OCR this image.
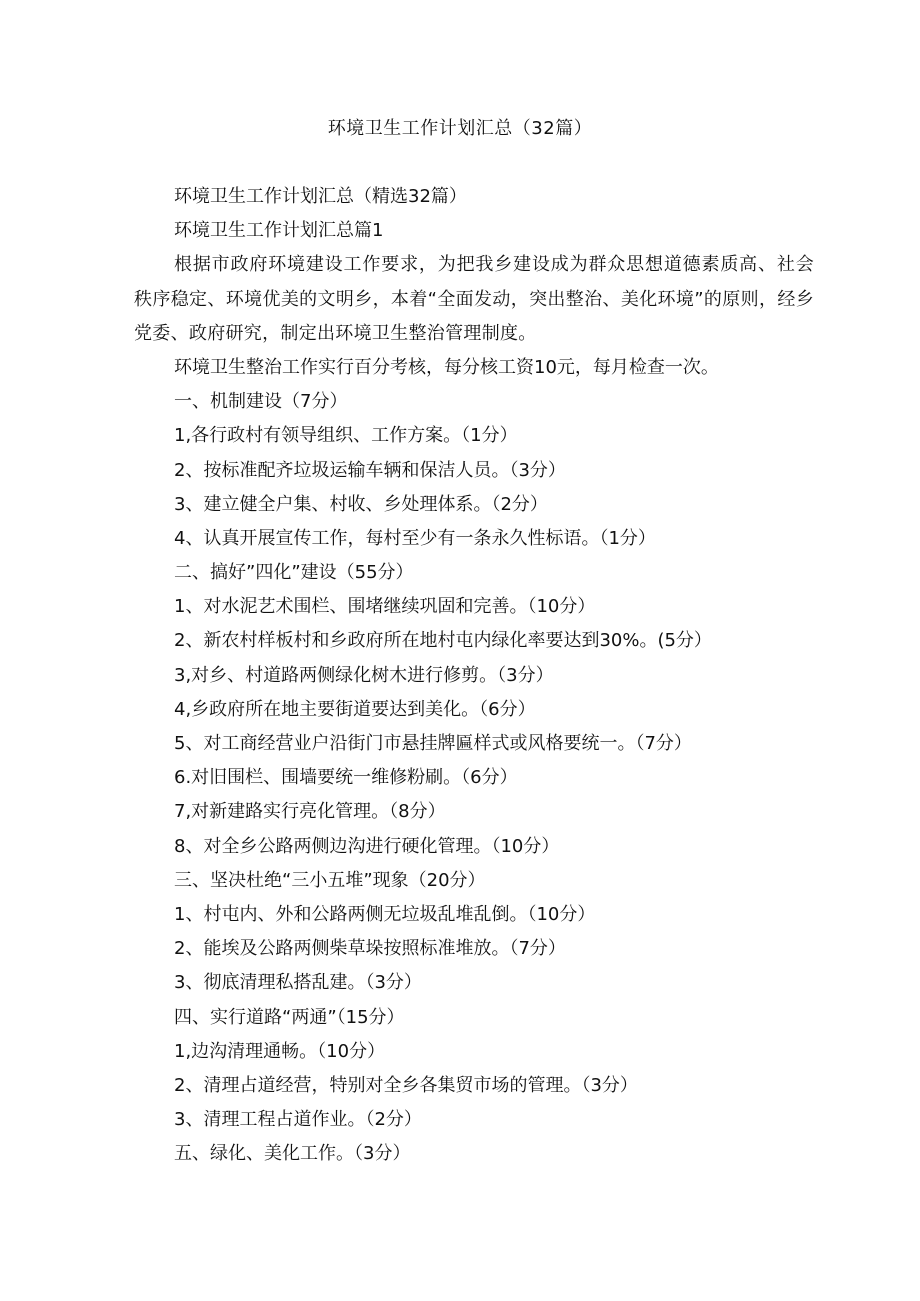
环境卫生工作计划汇总（32篇）
环境卫生工作计划汇总（精选32篇）
环境卫生工作计划汇总篇1
根据市政府环境建设工作要求，为把我乡建设成为群众思想道德素质高、社会秩序稳定、环境优美的文明乡，本着“全面发动，突出整治、美化环境”的原则，经乡党委、政府研究，制定出环境卫生整治管理制度。
环境卫生整治工作实行百分考核，每分核工资10元，每月检查一次。
一、机制建设（7分）
1,各行政村有领导组织、工作方案。（1分）
2、按标准配齐垃圾运输车辆和保洁人员。（3分）
3、建立健全户集、村收、乡处理体系。（2分）
4、认真开展宣传工作，每村至少有一条永久性标语。（1分）
二、搞好”四化”建设（55分）
1、对水泥艺术围栏、围堵继续巩固和完善。（10分）
2、新农村样板村和乡政府所在地村屯内绿化率要达到30%。(5分）
3,对乡、村道路两侧绿化树木进行修剪。（3分）
4,乡政府所在地主要街道要达到美化。（6分）
5、对工商经营业户沿街门市悬挂牌匾样式或风格要统一。（7分）
6.对旧围栏、围墙要统一维修粉刷。（6分）
7,对新建路实行亮化管理。（8分）
8、对全乡公路两侧边沟进行硬化管理。（10分）
三、坚决杜绝“三小五堆”现象（20分）
1、村屯内、外和公路两侧无垃圾乱堆乱倒。（10分）
2、能埃及公路两侧柴草垛按照标准堆放。（7分）
3、彻底清理私搭乱建。（3分）
四、实行道路“两通”（15分）
1,边沟清理通畅。（10分）
2、清理占道经营，特别对全乡各集贸市场的管理。（3分）
3、清理工程占道作业。（2分）
五、绿化、美化工作。（3分）
